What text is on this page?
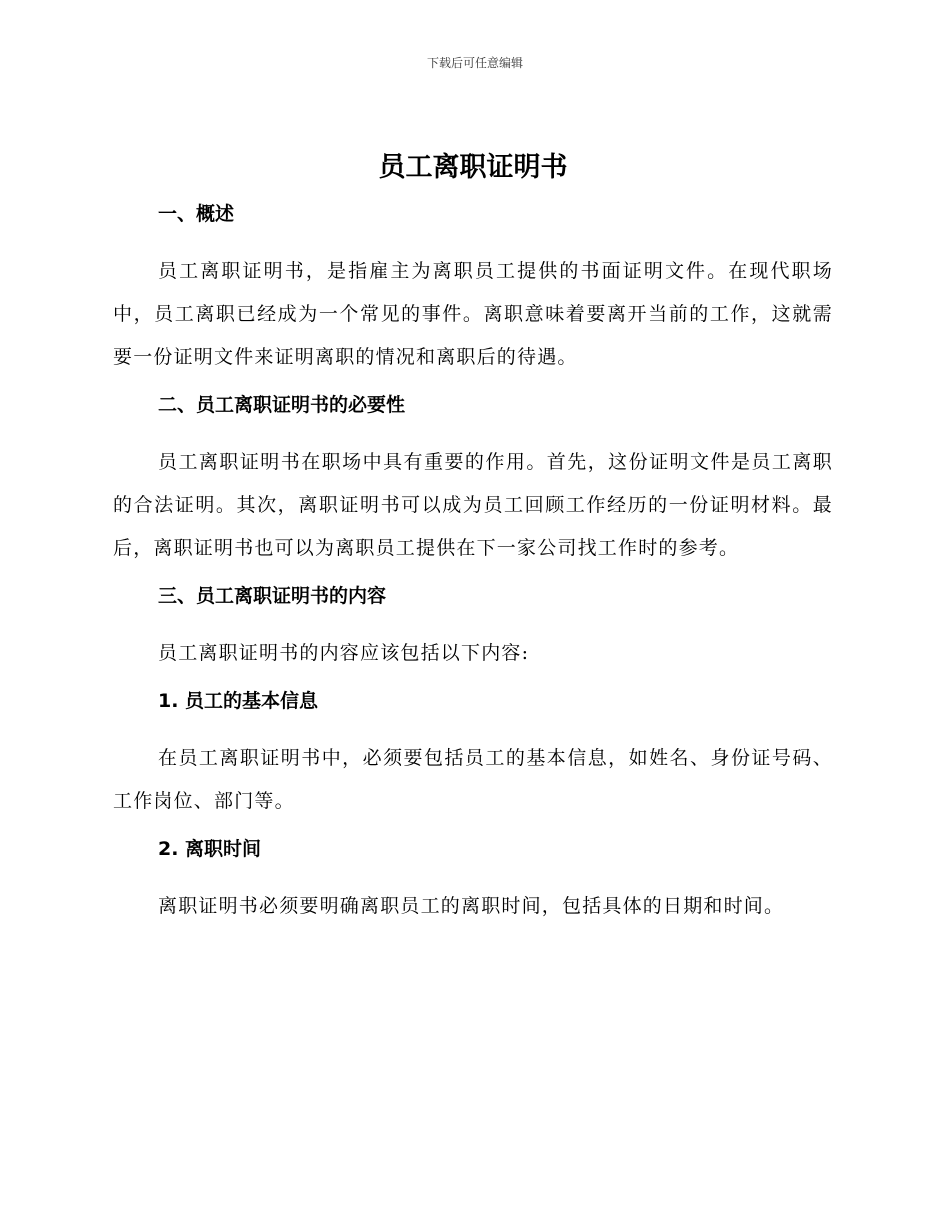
下载后可任意编辑
员工离职证明书
一、概述

员工离职证明书，是指雇主为离职员工提供的书面证明文件。在现代职场中，员工离职已经成为一个常见的事件。离职意味着要离开当前的工作，这就需要一份证明文件来证明离职的情况和离职后的待遇。

二、员工离职证明书的必要性

员工离职证明书在职场中具有重要的作用。首先，这份证明文件是员工离职的合法证明。其次，离职证明书可以成为员工回顾工作经历的一份证明材料。最后，离职证明书也可以为离职员工提供在下一家公司找工作时的参考。

三、员工离职证明书的内容

员工离职证明书的内容应该包括以下内容:

1. 员工的基本信息

在员工离职证明书中，必须要包括员工的基本信息，如姓名、身份证号码、工作岗位、部门等。

2. 离职时间

离职证明书必须要明确离职员工的离职时间，包括具体的日期和时间。
